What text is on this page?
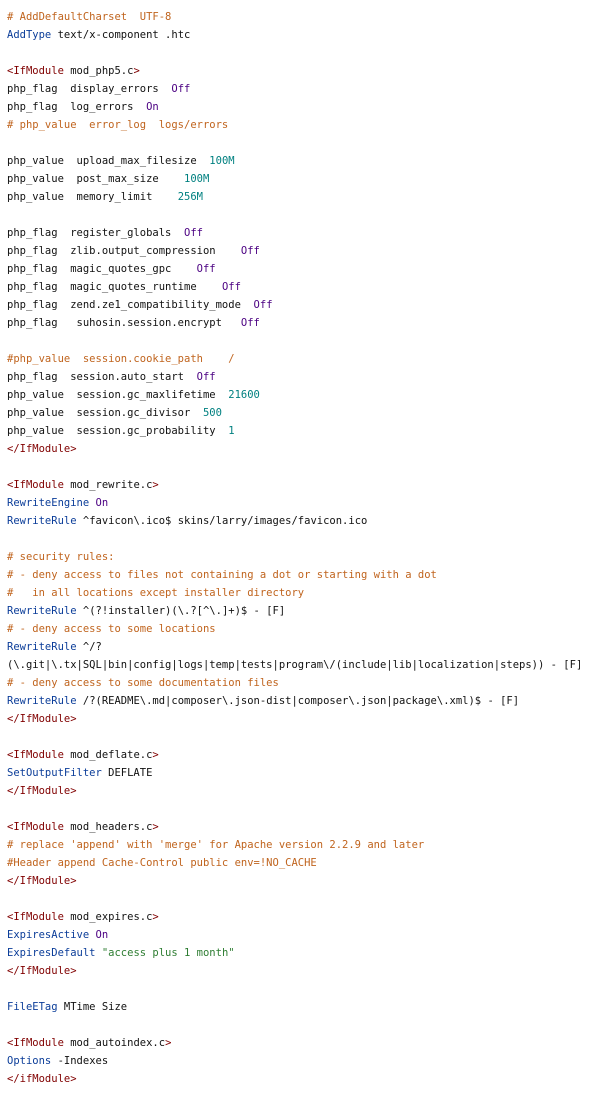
# AddDefaultCharset  UTF-8
AddType text/x-component .htc
<IfModule mod_php5.c>
php_flag  display_errors  Off
php_flag  log_errors  On
# php_value  error_log  logs/errors
php_value  upload_max_filesize  100M
php_value  post_max_size    100M
php_value  memory_limit    256M
php_flag  register_globals  Off
php_flag  zlib.output_compression    Off
php_flag  magic_quotes_gpc    Off
php_flag  magic_quotes_runtime    Off
php_flag  zend.ze1_compatibility_mode  Off
php_flag   suhosin.session.encrypt   Off
#php_value  session.cookie_path    /
php_flag  session.auto_start  Off
php_value  session.gc_maxlifetime  21600
php_value  session.gc_divisor  500
php_value  session.gc_probability  1
</IfModule>
<IfModule mod_rewrite.c>
RewriteEngine On
RewriteRule ^favicon\.ico$ skins/larry/images/favicon.ico
# security rules:
# - deny access to files not containing a dot or starting with a dot
#   in all locations except installer directory
RewriteRule ^(?!installer)(\.?[^\.]+)$ - [F]
# - deny access to some locations
RewriteRule ^/?
(\.git|\.tx|SQL|bin|config|logs|temp|tests|program\/(include|lib|localization|steps)) - [F]
# - deny access to some documentation files
RewriteRule /?(README\.md|composer\.json-dist|composer\.json|package\.xml)$ - [F]
</IfModule>
<IfModule mod_deflate.c>
SetOutputFilter DEFLATE
</IfModule>
<IfModule mod_headers.c>
# replace 'append' with 'merge' for Apache version 2.2.9 and later
#Header append Cache-Control public env=!NO_CACHE
</IfModule>
<IfModule mod_expires.c>
ExpiresActive On
ExpiresDefault "access plus 1 month"
</IfModule>
FileETag MTime Size
<IfModule mod_autoindex.c>
Options -Indexes
</ifModule>
